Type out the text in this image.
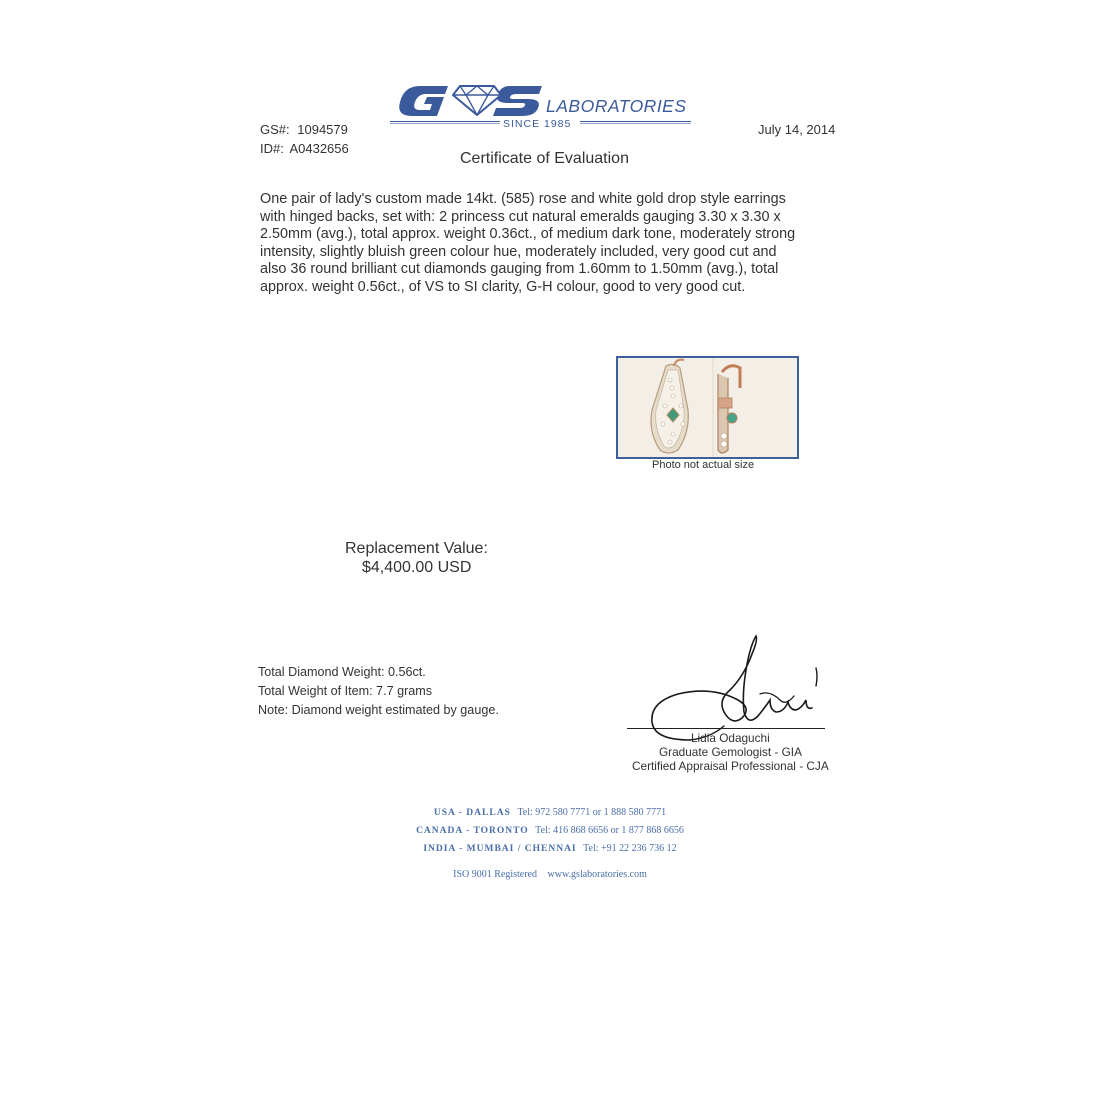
LABORATORIES
SINCE 1985
GS#: 1094579
ID#: A0432656
July 14, 2014
Certificate of Evaluation
One pair of lady's custom made 14kt. (585) rose and white gold drop style earrings
with hinged backs, set with: 2 princess cut natural emeralds gauging 3.30 x 3.30 x
2.50mm (avg.), total approx. weight 0.36ct., of medium dark tone, moderately strong
intensity, slightly bluish green colour hue, moderately included, very good cut and
also 36 round brilliant cut diamonds gauging from 1.60mm to 1.50mm (avg.), total
approx. weight 0.56ct., of VS to SI clarity, G-H colour, good to very good cut.
Photo not actual size
Replacement Value:
$4,400.00 USD
Total Diamond Weight: 0.56ct.
Total Weight of Item: 7.7 grams
Note: Diamond weight estimated by gauge.
Lidia Odaguchi
Graduate Gemologist - GIA
Certified Appraisal Professional - CJA
USA - DALLAS Tel: 972 580 7771 or 1 888 580 7771
CANADA - TORONTO Tel: 416 868 6656 or 1 877 868 6656
INDIA - MUMBAI / CHENNAI Tel: +91 22 236 736 12
ISO 9001 Registered www.gslaboratories.com
